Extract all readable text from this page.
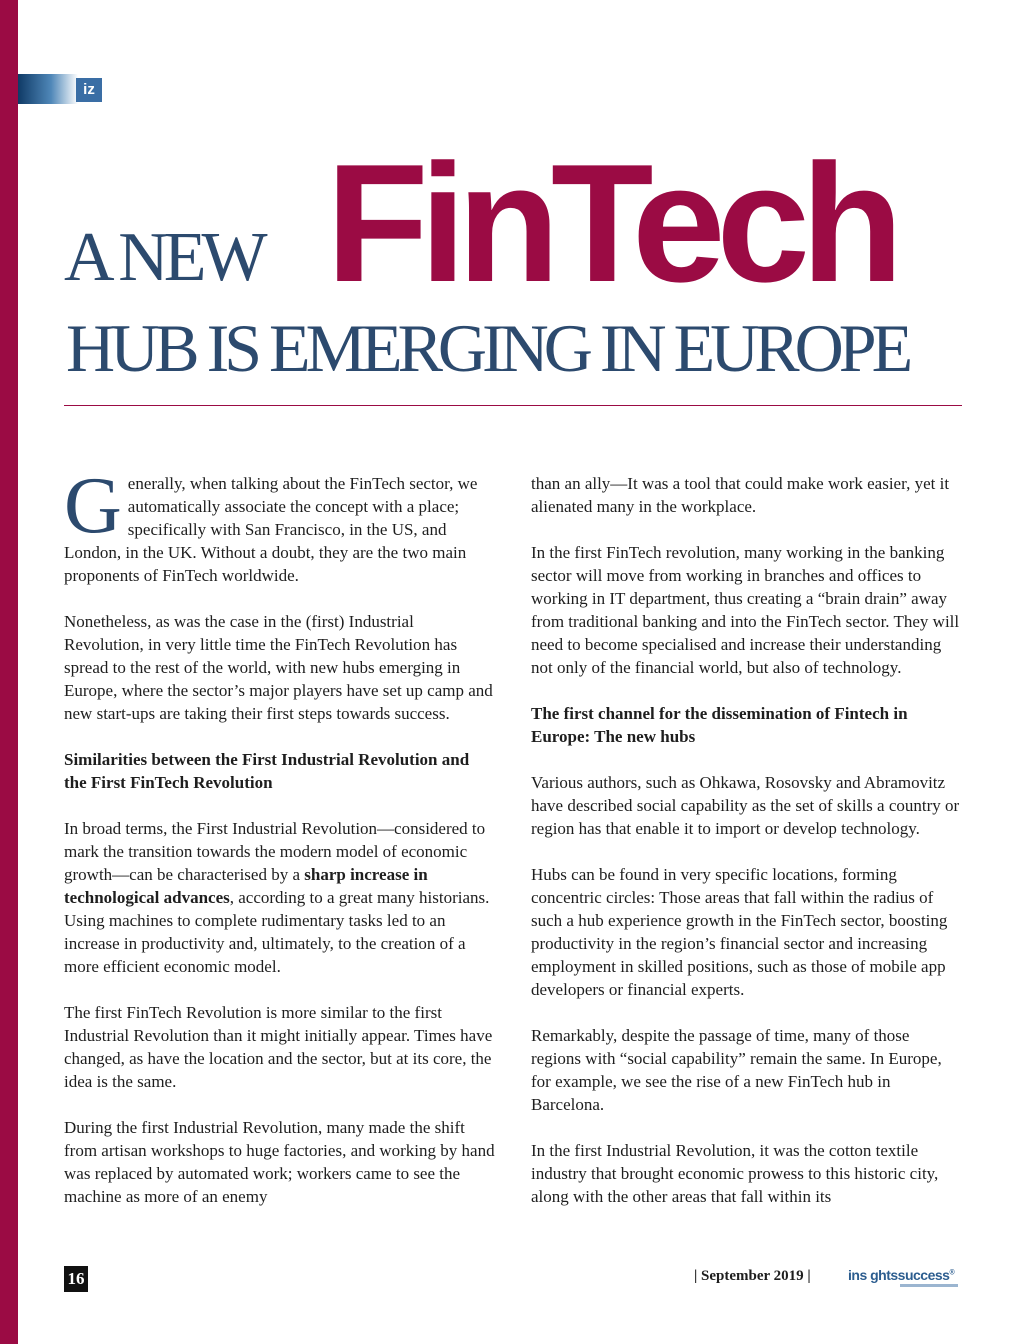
iz
A NEW FinTech
HUB IS EMERGING IN EUROPE

Generally, when talking about the FinTech sector, we automatically associate the concept with a place; specifically with San Francisco, in the US, and London, in the UK. Without a doubt, they are the two main proponents of FinTech worldwide.

Nonetheless, as was the case in the (first) Industrial Revolution, in very little time the FinTech Revolution has spread to the rest of the world, with new hubs emerging in Europe, where the sector’s major players have set up camp and new start-ups are taking their first steps towards success.

Similarities between the First Industrial Revolution and the First FinTech Revolution

In broad terms, the First Industrial Revolution—considered to mark the transition towards the modern model of economic growth—can be characterised by a sharp increase in technological advances, according to a great many historians. Using machines to complete rudimentary tasks led to an increase in productivity and, ultimately, to the creation of a more efficient economic model.

The first FinTech Revolution is more similar to the first Industrial Revolution than it might initially appear. Times have changed, as have the location and the sector, but at its core, the idea is the same.

During the first Industrial Revolution, many made the shift from artisan workshops to huge factories, and working by hand was replaced by automated work; workers came to see the machine as more of an enemy

than an ally—It was a tool that could make work easier, yet it alienated many in the workplace.

In the first FinTech revolution, many working in the banking sector will move from working in branches and offices to working in IT department, thus creating a “brain drain” away from traditional banking and into the FinTech sector. They will need to become specialised and increase their understanding not only of the financial world, but also of technology.

The first channel for the dissemination of Fintech in Europe: The new hubs

Various authors, such as Ohkawa, Rosovsky and Abramovitz have described social capability as the set of skills a country or region has that enable it to import or develop technology.

Hubs can be found in very specific locations, forming concentric circles: Those areas that fall within the radius of such a hub experience growth in the FinTech sector, boosting productivity in the region’s financial sector and increasing employment in skilled positions, such as those of mobile app developers or financial experts.

Remarkably, despite the passage of time, many of those regions with “social capability” remain the same. In Europe, for example, we see the rise of a new FinTech hub in Barcelona.

In the first Industrial Revolution, it was the cotton textile industry that brought economic prowess to this historic city, along with the other areas that fall within its

16	| September 2019 |	ins ghtssuccess®
